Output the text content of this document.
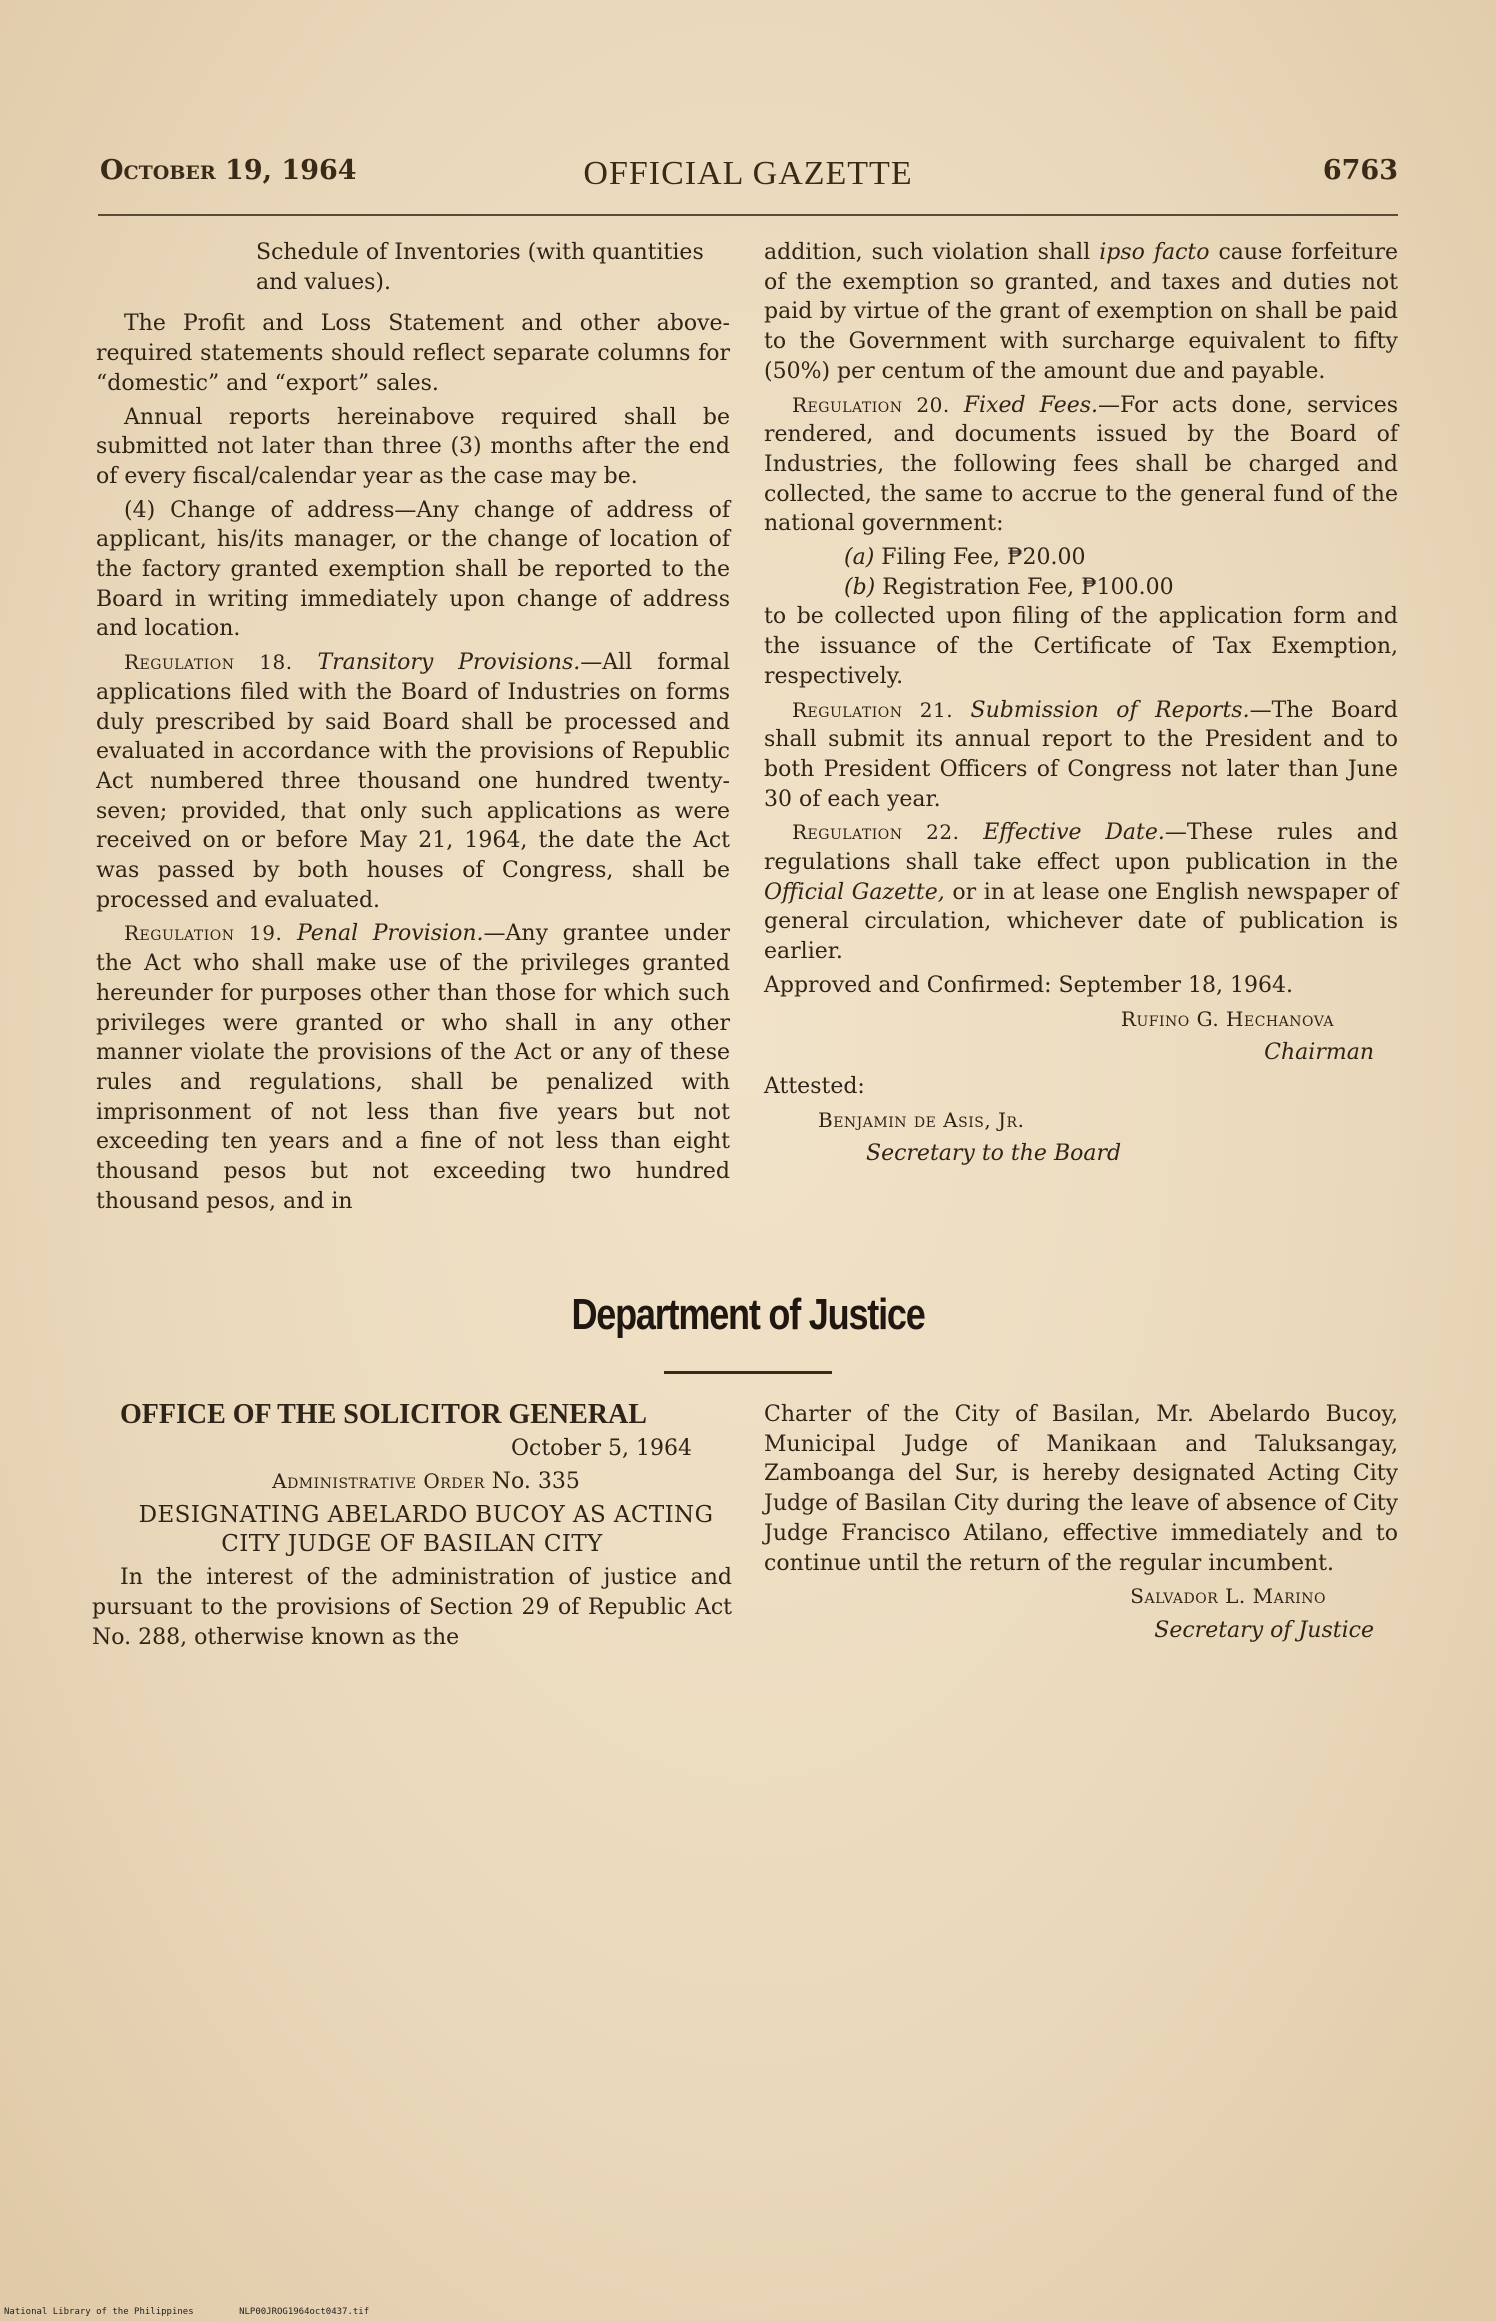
October 19, 1964	OFFICIAL GAZETTE	6763

Schedule of Inventories (with quantities and values).

The Profit and Loss Statement and other above-required statements should reflect separate columns for “domestic” and “export” sales.

Annual reports hereinabove required shall be submitted not later than three (3) months after the end of every fiscal/calendar year as the case may be.

(4) Change of address—Any change of address of applicant, his/its manager, or the change of location of the factory granted exemption shall be reported to the Board in writing immediately upon change of address and location.

Regulation 18. Transitory Provisions.—All formal applications filed with the Board of Industries on forms duly prescribed by said Board shall be processed and evaluated in accordance with the provisions of Republic Act numbered three thousand one hundred twenty-seven; provided, that only such applications as were received on or before May 21, 1964, the date the Act was passed by both houses of Congress, shall be processed and evaluated.

Regulation 19. Penal Provision.—Any grantee under the Act who shall make use of the privileges granted hereunder for purposes other than those for which such privileges were granted or who shall in any other manner violate the provisions of the Act or any of these rules and regulations, shall be penalized with imprisonment of not less than five years but not exceeding ten years and a fine of not less than eight thousand pesos but not exceeding two hundred thousand pesos, and in

addition, such violation shall ipso facto cause forfeiture of the exemption so granted, and taxes and duties not paid by virtue of the grant of exemption on shall be paid to the Government with surcharge equivalent to fifty (50%) per centum of the amount due and payable.

Regulation 20. Fixed Fees.—For acts done, services rendered, and documents issued by the Board of Industries, the following fees shall be charged and collected, the same to accrue to the general fund of the national government:

(a) Filing Fee, ₱20.00

(b) Registration Fee, ₱100.00

to be collected upon filing of the application form and the issuance of the Certificate of Tax Exemption, respectively.

Regulation 21. Submission of Reports.—The Board shall submit its annual report to the President and to both President Officers of Congress not later than June 30 of each year.

Regulation 22. Effective Date.—These rules and regulations shall take effect upon publication in the Official Gazette, or in at lease one English newspaper of general circulation, whichever date of publication is earlier.

Approved and Confirmed: September 18, 1964.

Rufino G. Hechanova

Chairman

Attested:

Benjamin de Asis, Jr.

Secretary to the Board

Department of Justice

OFFICE OF THE SOLICITOR GENERAL

October 5, 1964

Administrative Order No. 335

DESIGNATING ABELARDO BUCOY AS ACTING CITY JUDGE OF BASILAN CITY

In the interest of the administration of justice and pursuant to the provisions of Section 29 of Republic Act No. 288, otherwise known as the

Charter of the City of Basilan, Mr. Abelardo Bucoy, Municipal Judge of Manikaan and Taluksangay, Zamboanga del Sur, is hereby designated Acting City Judge of Basilan City during the leave of absence of City Judge Francisco Atilano, effective immediately and to continue until the return of the regular incumbent.

Salvador L. Marino

Secretary of Justice

National Library of the Philippines	NLP00JROG1964oct0437.tif
